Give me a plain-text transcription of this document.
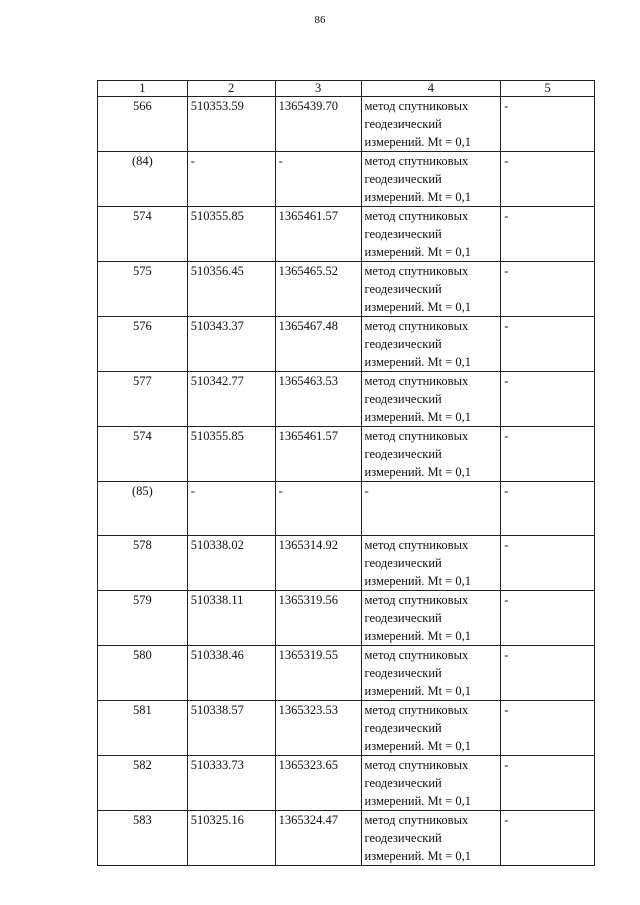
86
1	2	3	4	5
566	510353.59	1365439.70	метод спутниковых геодезический измерений. Mt = 0,1	-
(84)	-	-	метод спутниковых геодезический измерений. Mt = 0,1	-
574	510355.85	1365461.57	метод спутниковых геодезический измерений. Mt = 0,1	-
575	510356.45	1365465.52	метод спутниковых геодезический измерений. Mt = 0,1	-
576	510343.37	1365467.48	метод спутниковых геодезический измерений. Mt = 0,1	-
577	510342.77	1365463.53	метод спутниковых геодезический измерений. Mt = 0,1	-
574	510355.85	1365461.57	метод спутниковых геодезический измерений. Mt = 0,1	-
(85)	-	-	-	-
578	510338.02	1365314.92	метод спутниковых геодезический измерений. Mt = 0,1	-
579	510338.11	1365319.56	метод спутниковых геодезический измерений. Mt = 0,1	-
580	510338.46	1365319.55	метод спутниковых геодезический измерений. Mt = 0,1	-
581	510338.57	1365323.53	метод спутниковых геодезический измерений. Mt = 0,1	-
582	510333.73	1365323.65	метод спутниковых геодезический измерений. Mt = 0,1	-
583	510325.16	1365324.47	метод спутниковых геодезический измерений. Mt = 0,1	-
